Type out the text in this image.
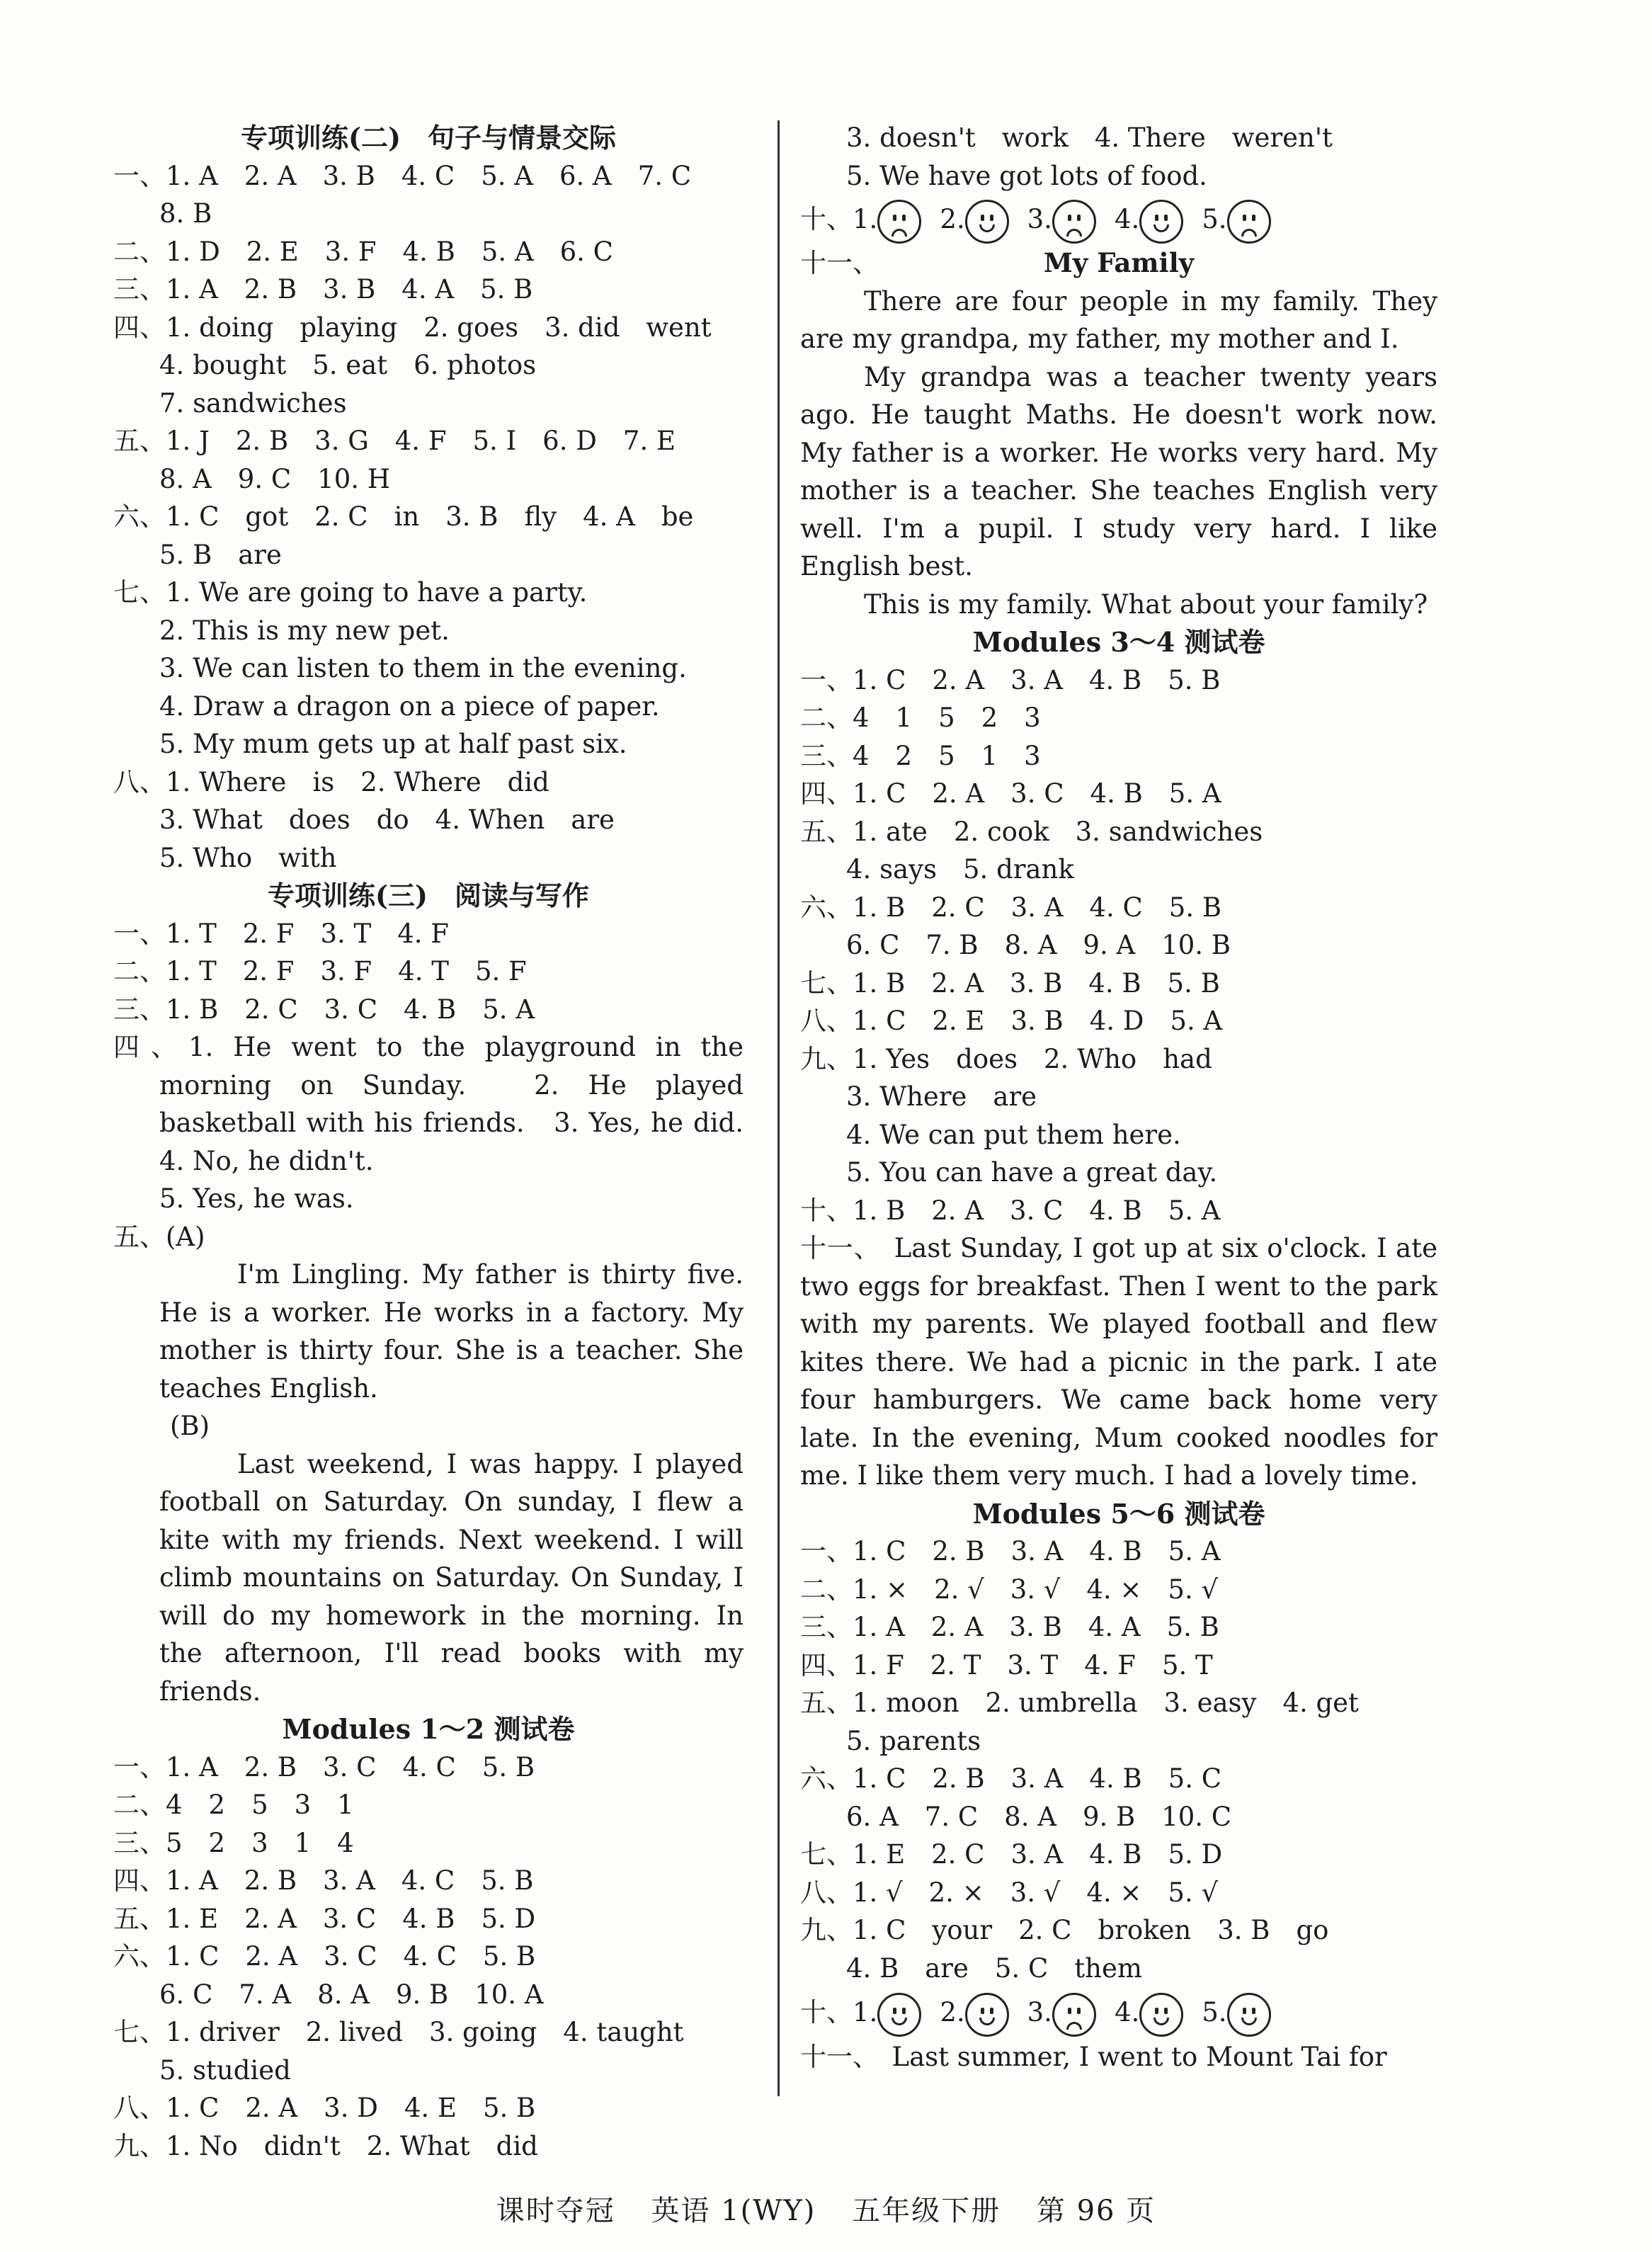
专项训练(二)　句子与情景交际
一、1. A　2. A　3. B　4. C　5. A　6. A　7. C
8. B
二、1. D　2. E　3. F　4. B　5. A　6. C
三、1. A　2. B　3. B　4. A　5. B
四、1. doing　playing　2. goes　3. did　went
4. bought　5. eat　6. photos
7. sandwiches
五、1. J　2. B　3. G　4. F　5. I　6. D　7. E
8. A　9. C　10. H
六、1. C　got　2. C　in　3. B　fly　4. A　be
5. B　are
七、1. We are going to have a party.
2. This is my new pet.
3. We can listen to them in the evening.
4. Draw a dragon on a piece of paper.
5. My mum gets up at half past six.
八、1. Where　is　2. Where　did
3. What　does　do　4. When　are
5. Who　with
专项训练(三)　阅读与写作
一、1. T　2. F　3. T　4. F
二、1. T　2. F　3. F　4. T　5. F
三、1. B　2. C　3. C　4. B　5. A
四、1. He went to the playground in the morning on Sunday.　2. He played basketball with his friends.　3. Yes, he did.　4. No, he didn't.
5. Yes, he was.
五、(A)
I'm Lingling. My father is thirty five. He is a worker. He works in a factory. My mother is thirty four. She is a teacher. She teaches English.
(B)
Last weekend, I was happy. I played football on Saturday. On sunday, I flew a kite with my friends. Next weekend. I will climb mountains on Saturday. On Sunday, I will do my homework in the morning. In the afternoon, I'll read books with my friends.
Modules 1～2 测试卷
一、1. A　2. B　3. C　4. C　5. B
二、4　2　5　3　1
三、5　2　3　1　4
四、1. A　2. B　3. A　4. C　5. B
五、1. E　2. A　3. C　4. B　5. D
六、1. C　2. A　3. C　4. C　5. B
6. C　7. A　8. A　9. B　10. A
七、1. driver　2. lived　3. going　4. taught
5. studied
八、1. C　2. A　3. D　4. E　5. B
九、1. No　didn't　2. What　did
3. doesn't　work　4. There　weren't
5. We have got lots of food.
十、1. 2. 3. 4. 5.
十一、	My Family
There are four people in my family. They are my grandpa, my father, my mother and I.
My grandpa was a teacher twenty years ago. He taught Maths. He doesn't work now. My father is a worker. He works very hard. My mother is a teacher. She teaches English very well. I'm a pupil. I study very hard. I like English best.
This is my family. What about your family?
Modules 3～4 测试卷
一、1. C　2. A　3. A　4. B　5. B
二、4　1　5　2　3
三、4　2　5　1　3
四、1. C　2. A　3. C　4. B　5. A
五、1. ate　2. cook　3. sandwiches
4. says　5. drank
六、1. B　2. C　3. A　4. C　5. B
6. C　7. B　8. A　9. A　10. B
七、1. B　2. A　3. B　4. B　5. B
八、1. C　2. E　3. B　4. D　5. A
九、1. Yes　does　2. Who　had
3. Where　are
4. We can put them here.
5. You can have a great day.
十、1. B　2. A　3. C　4. B　5. A
十一、　Last Sunday, I got up at six o'clock. I ate two eggs for breakfast. Then I went to the park with my parents. We played football and flew kites there. We had a picnic in the park. I ate four hamburgers. We came back home very late. In the evening, Mum cooked noodles for me. I like them very much. I had a lovely time.
Modules 5～6 测试卷
一、1. C　2. B　3. A　4. B　5. A
二、1. ×　2. √　3. √　4. ×　5. √
三、1. A　2. A　3. B　4. A　5. B
四、1. F　2. T　3. T　4. F　5. T
五、1. moon　2. umbrella　3. easy　4. get
5. parents
六、1. C　2. B　3. A　4. B　5. C
6. A　7. C　8. A　9. B　10. C
七、1. E　2. C　3. A　4. B　5. D
八、1. √　2. ×　3. √　4. ×　5. √
九、1. C　your　2. C　broken　3. B　go
4. B　are　5. C　them
十、1. 2. 3. 4. 5.
十一、　Last summer, I went to Mount Tai for
课时夺冠 英语 1(WY) 五年级下册 第 96 页
